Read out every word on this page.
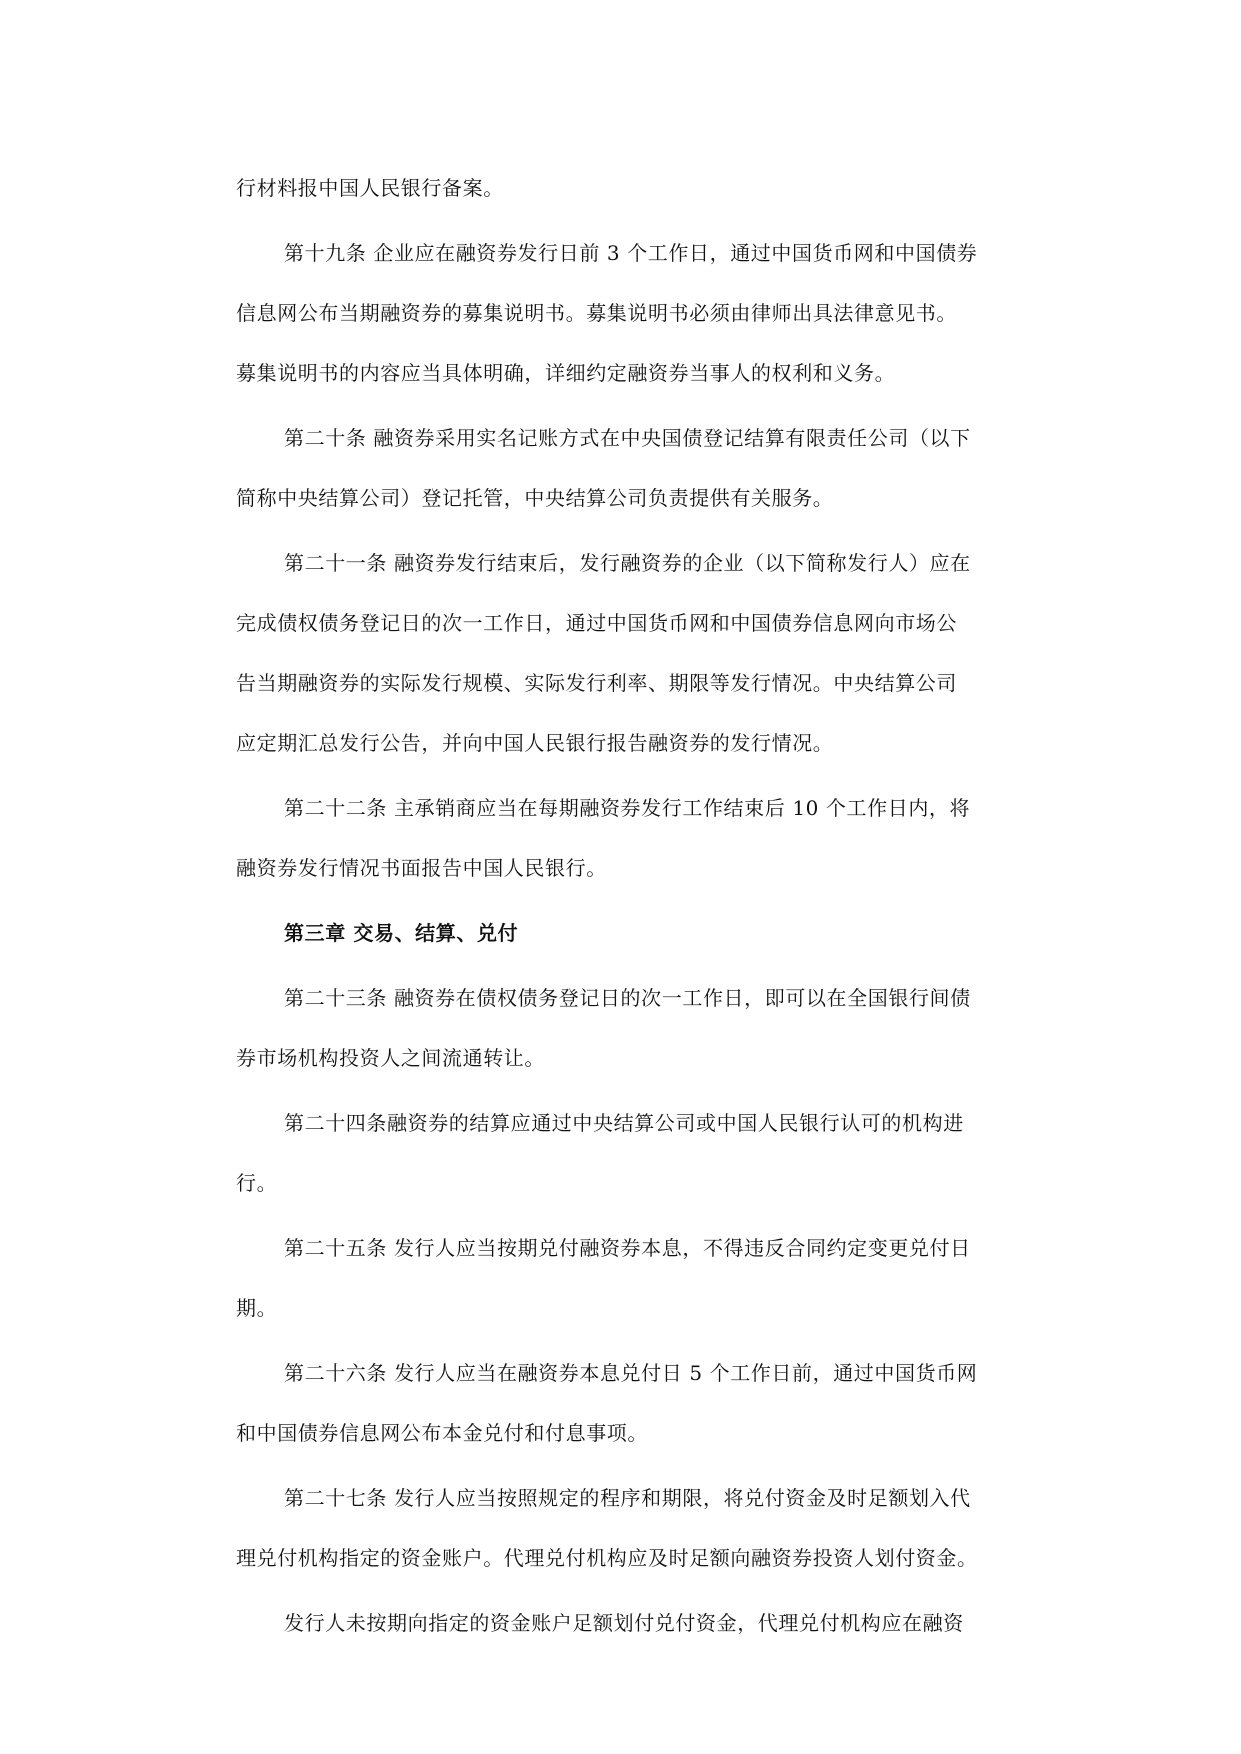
行材料报中国人民银行备案。
第十九条 企业应在融资券发行日前 3 个工作日，通过中国货币网和中国债券
信息网公布当期融资券的募集说明书。募集说明书必须由律师出具法律意见书。
募集说明书的内容应当具体明确，详细约定融资券当事人的权利和义务。
第二十条 融资券采用实名记账方式在中央国债登记结算有限责任公司（以下
简称中央结算公司）登记托管，中央结算公司负责提供有关服务。
第二十一条 融资券发行结束后，发行融资券的企业（以下简称发行人）应在
完成债权债务登记日的次一工作日，通过中国货币网和中国债券信息网向市场公
告当期融资券的实际发行规模、实际发行利率、期限等发行情况。中央结算公司
应定期汇总发行公告，并向中国人民银行报告融资券的发行情况。
第二十二条 主承销商应当在每期融资券发行工作结束后 10 个工作日内，将
融资券发行情况书面报告中国人民银行。
第三章 交易、结算、兑付
第二十三条 融资券在债权债务登记日的次一工作日，即可以在全国银行间债
券市场机构投资人之间流通转让。
第二十四条融资券的结算应通过中央结算公司或中国人民银行认可的机构进
行。
第二十五条 发行人应当按期兑付融资券本息，不得违反合同约定变更兑付日
期。
第二十六条 发行人应当在融资券本息兑付日 5 个工作日前，通过中国货币网
和中国债券信息网公布本金兑付和付息事项。
第二十七条 发行人应当按照规定的程序和期限，将兑付资金及时足额划入代
理兑付机构指定的资金账户。代理兑付机构应及时足额向融资券投资人划付资金。
发行人未按期向指定的资金账户足额划付兑付资金，代理兑付机构应在融资
